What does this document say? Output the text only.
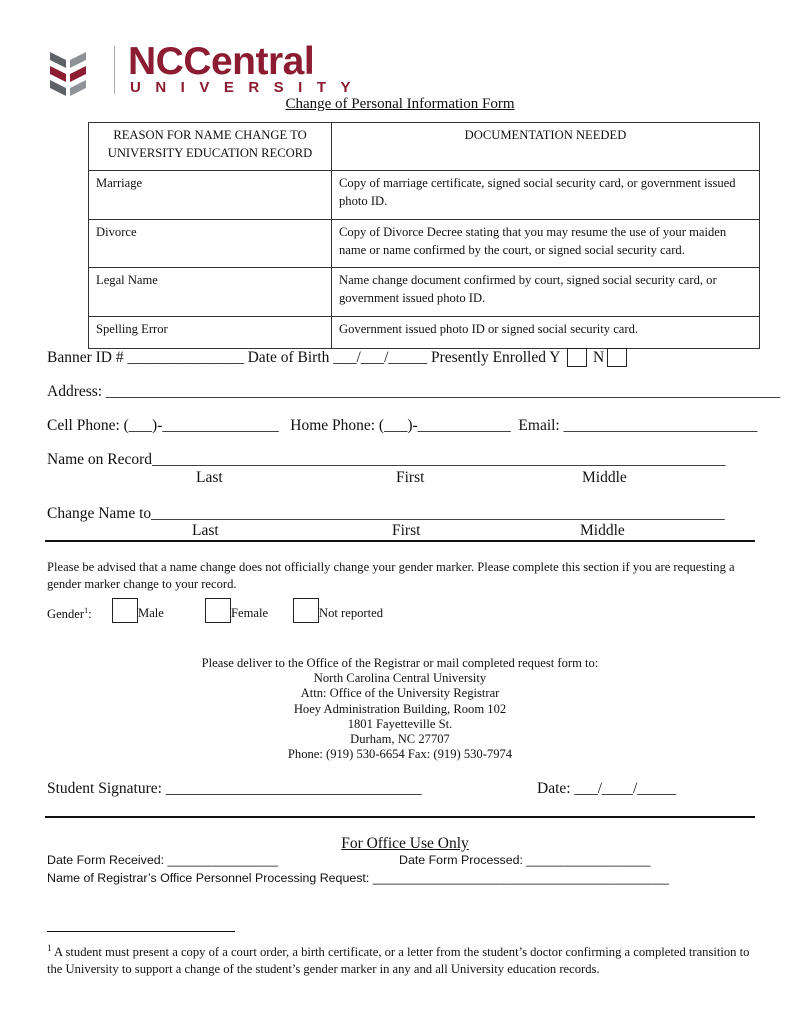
NCCentral
UNIVERSITY
Change of Personal Information Form
REASON FOR NAME CHANGE TO UNIVERSITY EDUCATION RECORD	DOCUMENTATION NEEDED
Marriage	Copy of marriage certificate, signed social security card, or government issued photo ID.
Divorce	Copy of Divorce Decree stating that you may resume the use of your maiden name or name confirmed by the court, or signed social security card.
Legal Name	Name change document confirmed by court, signed social security card, or government issued photo ID.
Spelling Error	Government issued photo ID or signed social security card.
Banner ID # _______________ Date of Birth ___/___/_____ Presently Enrolled Y N
Address: _______________________________________________________________________________________
Cell Phone: (___)-_______________   Home Phone: (___)-____________  Email: _________________________
Name on Record__________________________________________________________________________
Last	First	Middle
Change Name to__________________________________________________________________________
Last	First	Middle
Please be advised that a name change does not officially change your gender marker. Please complete this section if you are requesting a gender marker change to your record.
Gender$^1$:	Male	Female	Not reported
Please deliver to the Office of the Registrar or mail completed request form to:
North Carolina Central University
Attn: Office of the University Registrar
Hoey Administration Building, Room 102
1801 Fayetteville St.
Durham, NC 27707
Phone: (919) 530-6654 Fax: (919) 530-7974
Student Signature: _________________________________	Date: ___/____/_____
For Office Use Only
Date Form Received: ________________	Date Form Processed: __________________
Name of Registrar’s Office Personnel Processing Request: ___________________________________________
$^1$ A student must present a copy of a court order, a birth certificate, or a letter from the student’s doctor confirming a completed transition to the University to support a change of the student’s gender marker in any and all University education records.
